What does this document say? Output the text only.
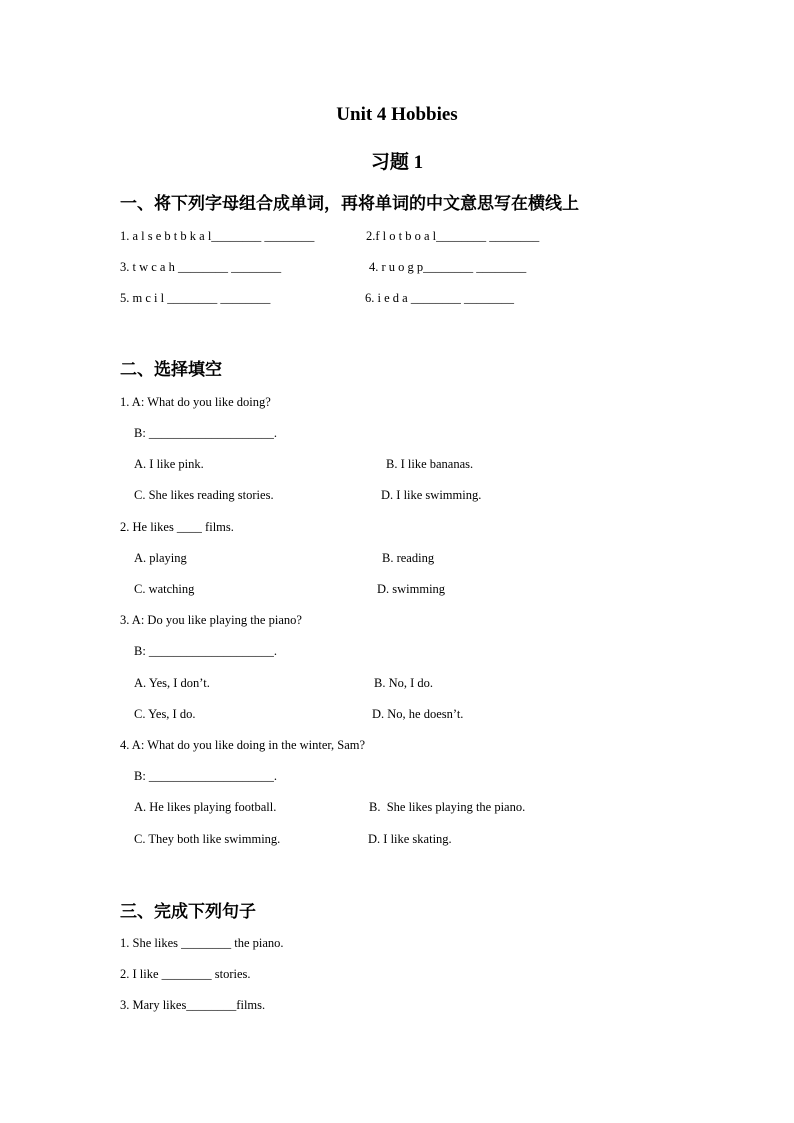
Unit 4 Hobbies
习题 1
一、将下列字母组合成单词，再将单词的中文意思写在横线上
1. a l s e b t b k a l________ ________	2.f l o t b o a l________ ________
3. t w c a h ________ ________	4. r u o g p________ ________
5. m c i l ________ ________	6. i e d a ________ ________
二、选择填空
1. A: What do you like doing?
B: ____________________.
A. I like pink.	B. I like bananas.
C. She likes reading stories.	D. I like swimming.
2. He likes ____ films.
A. playing	B. reading
C. watching	D. swimming
3. A: Do you like playing the piano?
B: ____________________.
A. Yes, I don’t.	B. No, I do.
C. Yes, I do.	D. No, he doesn’t.
4. A: What do you like doing in the winter, Sam?
B: ____________________.
A. He likes playing football.	B.  She likes playing the piano.
C. They both like swimming.	D. I like skating.
三、完成下列句子
1. She likes ________ the piano.
2. I like ________ stories.
3. Mary likes________films.
